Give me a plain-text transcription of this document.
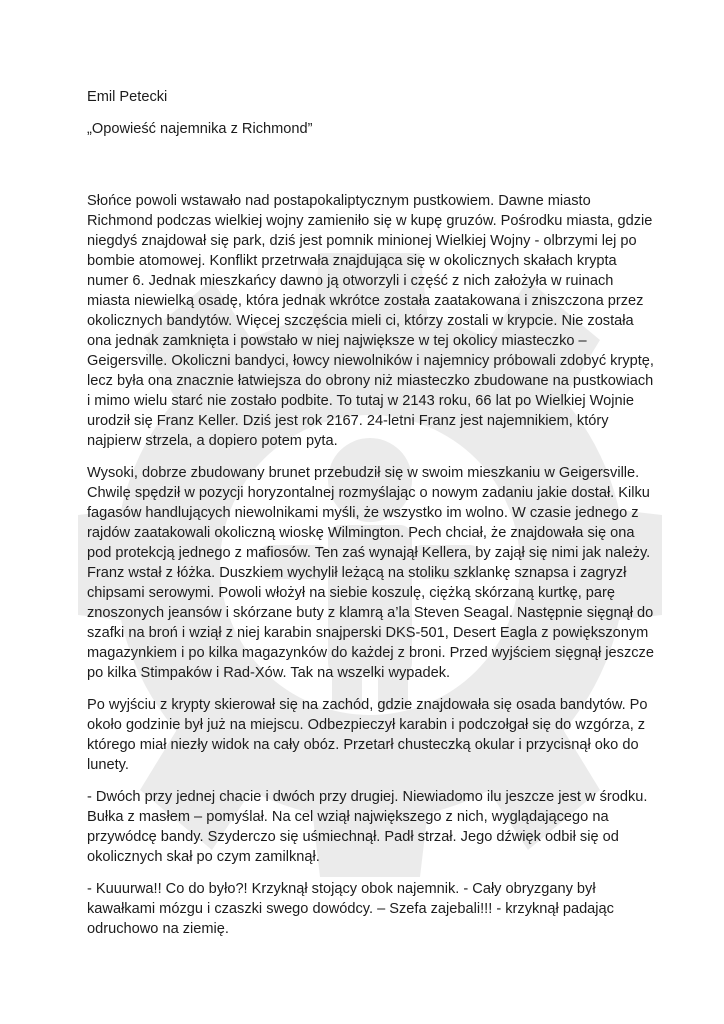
Emil Petecki

„Opowieść najemnika z Richmond”

Słońce powoli wstawało nad postapokaliptycznym pustkowiem. Dawne miasto Richmond podczas wielkiej wojny zamieniło się w kupę gruzów. Pośrodku miasta, gdzie niegdyś znajdował się park, dziś jest pomnik minionej Wielkiej Wojny - olbrzymi lej po bombie atomowej. Konflikt przetrwała znajdująca się w okolicznych skałach krypta numer 6. Jednak mieszkańcy dawno ją otworzyli i część z nich założyła w ruinach miasta niewielką osadę, która jednak wkrótce została zaatakowana i zniszczona przez okolicznych bandytów. Więcej szczęścia mieli ci, którzy zostali w krypcie. Nie została ona jednak zamknięta i powstało w niej największe w tej okolicy miasteczko – Geigersville. Okoliczni bandyci, łowcy niewolników i najemnicy próbowali zdobyć kryptę, lecz była ona znacznie łatwiejsza do obrony niż miasteczko zbudowane na pustkowiach i mimo wielu starć nie zostało podbite. To tutaj w 2143 roku, 66 lat po Wielkiej Wojnie urodził się Franz Keller. Dziś jest rok 2167. 24-letni Franz jest najemnikiem, który najpierw strzela, a dopiero potem pyta.

Wysoki, dobrze zbudowany brunet przebudził się w swoim mieszkaniu w Geigersville. Chwilę spędził w pozycji horyzontalnej rozmyślając o nowym zadaniu jakie dostał. Kilku fagasów handlujących niewolnikami myśli, że wszystko im wolno. W czasie jednego z rajdów zaatakowali okoliczną wioskę Wilmington. Pech chciał, że znajdowała się ona pod protekcją jednego z mafiosów. Ten zaś wynajął Kellera, by zajął się nimi jak należy. Franz wstał z łóżka. Duszkiem wychylił leżącą na stoliku szklankę sznapsa i zagryzł chipsami serowymi. Powoli włożył na siebie koszulę, ciężką skórzaną kurtkę, parę znoszonych jeansów i skórzane buty z klamrą a’la Steven Seagal. Następnie sięgnął do szafki na broń i wziął z niej karabin snajperski DKS-501, Desert Eagla z powiększonym magazynkiem i po kilka magazynków do każdej z broni. Przed wyjściem sięgnął jeszcze po kilka Stimpaków i Rad-Xów. Tak na wszelki wypadek.

Po wyjściu z krypty skierował się na zachód, gdzie znajdowała się osada bandytów. Po około godzinie był już na miejscu. Odbezpieczył karabin i podczołgał się do wzgórza, z którego miał niezły widok na cały obóz. Przetarł chusteczką okular i przycisnął oko do lunety.

- Dwóch przy jednej chacie i dwóch przy drugiej. Niewiadomo ilu jeszcze jest w środku. Bułka z masłem – pomyślał. Na cel wziął największego z nich, wyglądającego na przywódcę bandy. Szyderczo się uśmiechnął. Padł strzał. Jego dźwięk odbił się od okolicznych skał po czym zamilknął.

- Kuuurwa!! Co do było?! Krzyknął stojący obok najemnik. - Cały obryzgany był kawałkami mózgu i czaszki swego dowódcy. – Szefa zajebali!!! - krzyknął padając odruchowo na ziemię.
